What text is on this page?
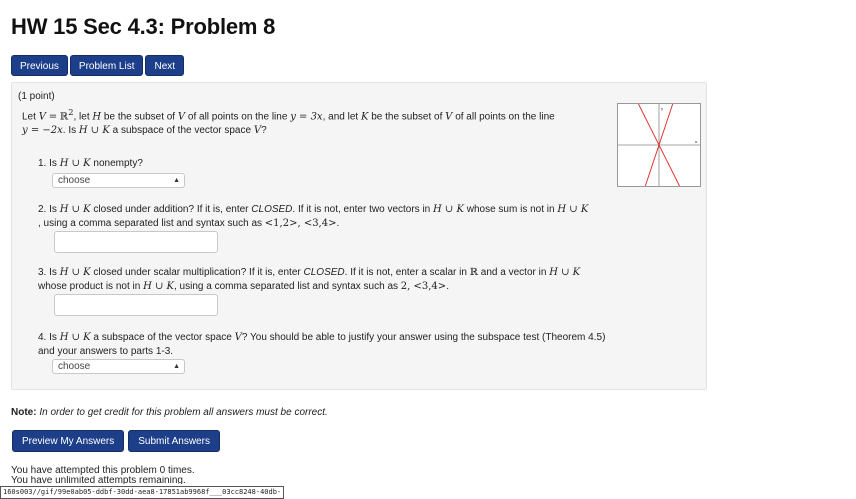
HW 15 Sec 4.3: Problem 8
Previous Problem List Next
(1 point)
Let V = ℝ$^2$, let H be the subset of V of all points on the line y = 3x, and let K be the subset of V of all points on the line
y = −2x. Is H ∪ K a subspace of the vector space V?
y
x
1. Is H ∪ K nonempty?
choose	▲

2. Is H ∪ K closed under addition? If it is, enter CLOSED. If it is not, enter two vectors in H ∪ K whose sum is not in H ∪ K
, using a comma separated list and syntax such as <1,2>, <3,4>.
3. Is H ∪ K closed under scalar multiplication? If it is, enter CLOSED. If it is not, enter a scalar in ℝ and a vector in H ∪ K
whose product is not in H ∪ K, using a comma separated list and syntax such as 2, <3,4>.
4. Is H ∪ K a subspace of the vector space V? You should be able to justify your answer using the subspace test (Theorem 4.5) and your answers to parts 1-3.
choose	▲

Note: In order to get credit for this problem all answers must be correct.
Preview My Answers Submit Answers
You have attempted this problem 0 times.
You have unlimited attempts remaining.
160s003//gif/99e0ab05-ddbf-30dd-aea8-17851ab9968f___03cc8248-40db-
